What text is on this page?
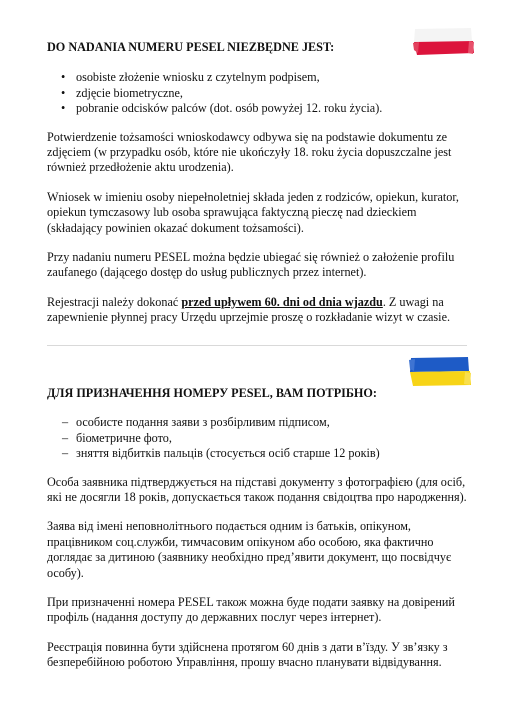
DO NADANIA NUMERU PESEL NIEZBĘDNE JEST:
• osobiste złożenie wniosku z czytelnym podpisem,
• zdjęcie biometryczne,
• pobranie odcisków palców (dot. osób powyżej 12. roku życia).

Potwierdzenie tożsamości wnioskodawcy odbywa się na podstawie dokumentu ze zdjęciem (w przypadku osób, które nie ukończyły 18. roku życia dopuszczalne jest również przedłożenie aktu urodzenia).

Wniosek w imieniu osoby niepełnoletniej składa jeden z rodziców, opiekun, kurator, opiekun tymczasowy lub osoba sprawująca faktyczną pieczę nad dzieckiem (składający powinien okazać dokument tożsamości).

Przy nadaniu numeru PESEL można będzie ubiegać się również o założenie profilu zaufanego (dającego dostęp do usług publicznych przez internet).

Rejestracji należy dokonać przed upływem 60. dni od dnia wjazdu. Z uwagi na zapewnienie płynnej pracy Urzędu uprzejmie proszę o rozkładanie wizyt w czasie.

ДЛЯ ПРИЗНАЧЕННЯ НОМЕРУ PESEL, ВАМ ПОТРІБНО:
– особисте подання заяви з розбірливим підписом,
– біометричне фото,
– зняття відбитків пальців (стосується осіб старше 12 років)

Особа заявника підтверджується на підставі документу з фотографією (для осіб, які не досягли 18 років, допускається також подання свідоцтва про народження).

Заява від імені неповнолітнього подається одним із батьків, опікуном, працівником соц.служби, тимчасовим опікуном або особою, яка фактично доглядає за дитиною (заявнику необхідно пред’явити документ, що посвідчує особу).

При призначенні номера PESEL також можна буде подати заявку на довірений профіль (надання доступу до державних послуг через інтернет).

Реєстрація повинна бути здійснена протягом 60 днів з дати в’їзду. У зв’язку з безперебійною роботою Управління, прошу вчасно планувати відвідування.
